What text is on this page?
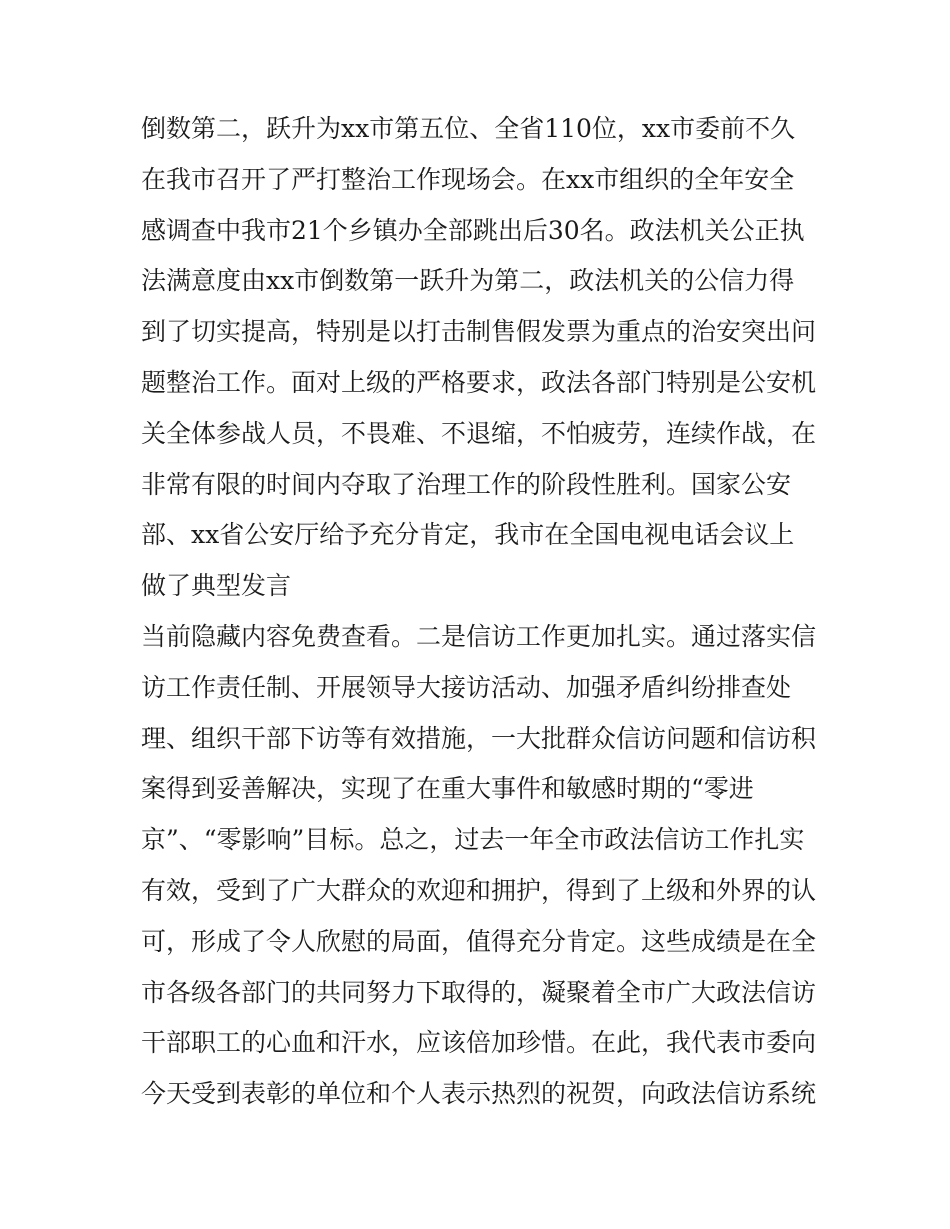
倒数第二，跃升为xx市第五位、全省110位，xx市委前不久
在我市召开了严打整治工作现场会。在xx市组织的全年安全
感调查中我市21个乡镇办全部跳出后30名。政法机关公正执
法满意度由xx市倒数第一跃升为第二，政法机关的公信力得
到了切实提高，特别是以打击制售假发票为重点的治安突出问
题整治工作。面对上级的严格要求，政法各部门特别是公安机
关全体参战人员，不畏难、不退缩，不怕疲劳，连续作战，在
非常有限的时间内夺取了治理工作的阶段性胜利。国家公安
部、xx省公安厅给予充分肯定，我市在全国电视电话会议上
做了典型发言
当前隐藏内容免费查看。二是信访工作更加扎实。通过落实信
访工作责任制、开展领导大接访活动、加强矛盾纠纷排查处
理、组织干部下访等有效措施，一大批群众信访问题和信访积
案得到妥善解决，实现了在重大事件和敏感时期的“零进
京”、“零影响”目标。总之，过去一年全市政法信访工作扎实
有效，受到了广大群众的欢迎和拥护，得到了上级和外界的认
可，形成了令人欣慰的局面，值得充分肯定。这些成绩是在全
市各级各部门的共同努力下取得的，凝聚着全市广大政法信访
干部职工的心血和汗水，应该倍加珍惜。在此，我代表市委向
今天受到表彰的单位和个人表示热烈的祝贺，向政法信访系统
